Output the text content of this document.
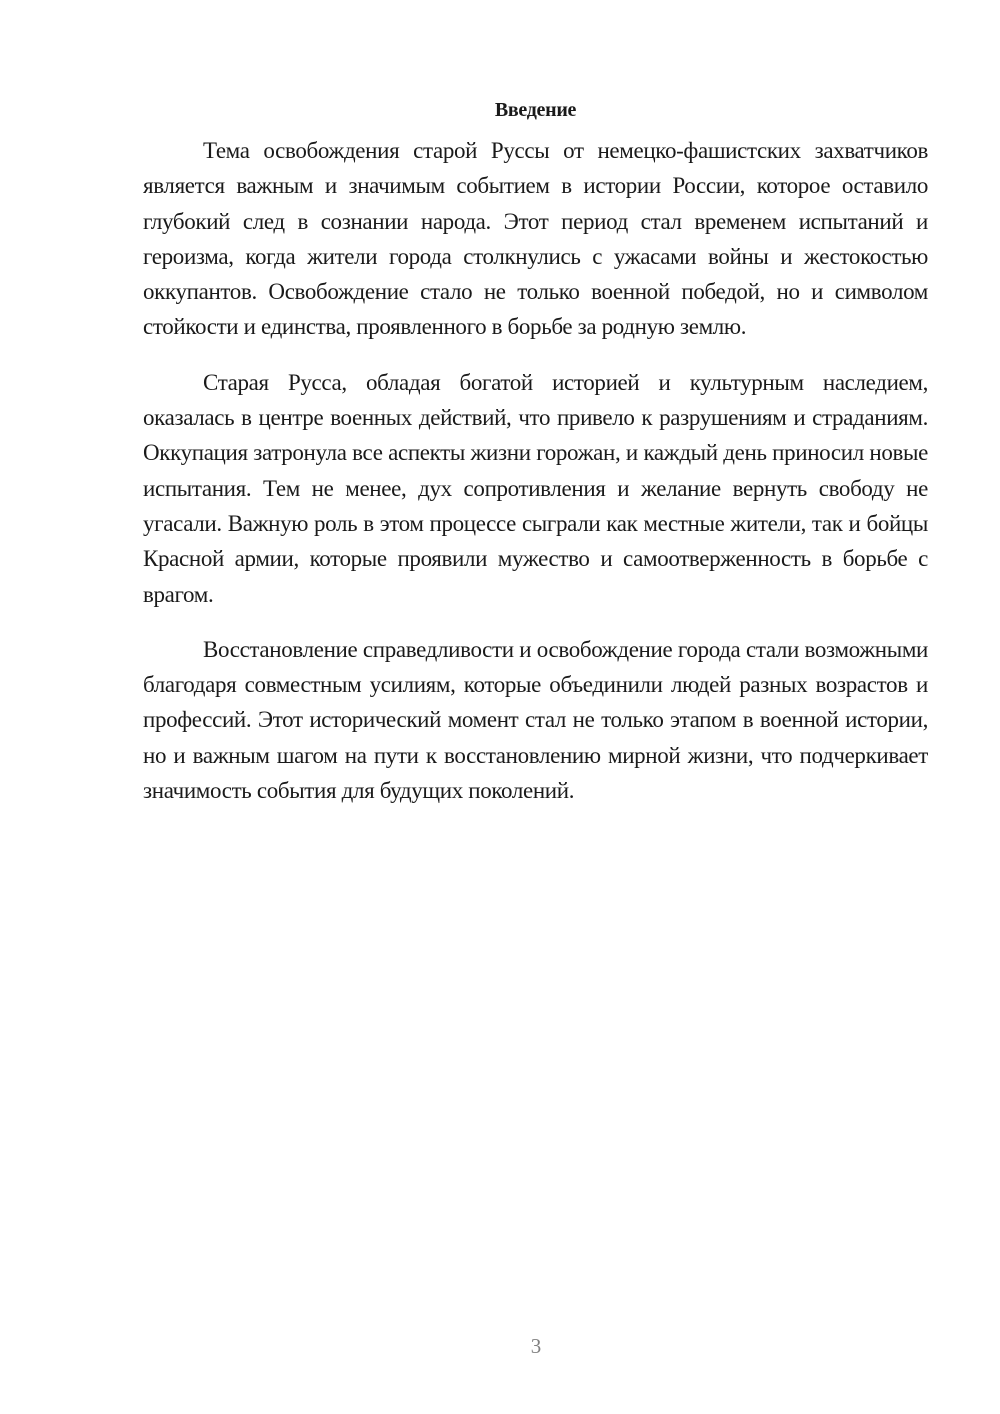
Введение

Тема освобождения старой Руссы от немецко-фашистских захватчиков является важным и значимым событием в истории России, которое оставило глубокий след в сознании народа. Этот период стал временем испытаний и героизма, когда жители города столкнулись с ужасами войны и жестокостью оккупантов. Освобождение стало не только военной победой, но и символом стойкости и единства, проявленного в борьбе за родную землю.

Старая Русса, обладая богатой историей и культурным наследием, оказалась в центре военных действий, что привело к разрушениям и страданиям. Оккупация затронула все аспекты жизни горожан, и каждый день приносил новые испытания. Тем не менее, дух сопротивления и желание вернуть свободу не угасали. Важную роль в этом процессе сыграли как местные жители, так и бойцы Красной армии, которые проявили мужество и самоотверженность в борьбе с врагом.

Восстановление справедливости и освобождение города стали возможными благодаря совместным усилиям, которые объединили людей разных возрастов и профессий. Этот исторический момент стал не только этапом в военной истории, но и важным шагом на пути к восстановлению мирной жизни, что подчеркивает значимость события для будущих поколений.

3
